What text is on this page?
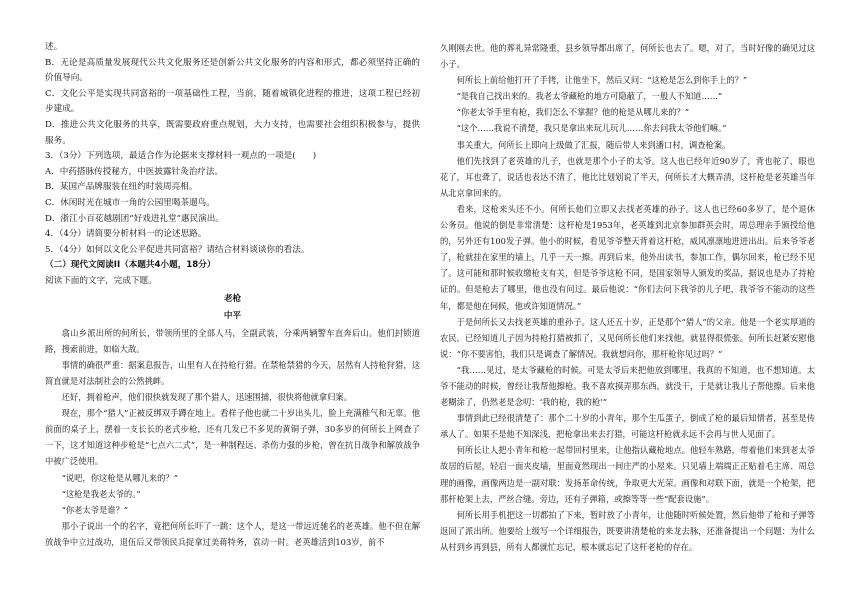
述。

B．无论是高质量发展现代公共文化服务还是创新公共文化服务的内容和形式，都必须坚持正确的价值导向。

C．文化公平是实现共同富裕的一项基础性工程，当前，随着城镇化进程的推进，这项工程已经初步建成。

D．推进公共文化服务的共享，既需要政府重点规划，大力支持，也需要社会组织积极参与，提供服务。

3．（3分）下列选项，最适合作为论据来支撑材料一观点的一项是(　　)

A．中药搭脉传授秘方，中医披露针灸治疗法。

B．某国产品牌服装在纽约时装周亮相。

C．休闲时光在城市一角的公园里喝茶遛鸟。

D．浙江小百花越剧团“好戏进礼堂”惠民演出。

4．（4分）请简要分析材料一的论述思路。

5．（4分）如何以文化公平促进共同富裕？请结合材料谈谈你的看法。

（二）现代文阅读II（本题共4小题，18分）

阅读下面的文字，完成下题。

老枪

中平

翕山乡派出所的何所长，带领所里的全部人马，全副武装，分乘两辆警车直奔后山。他们封锁道路，搜索前进，如临大敌。

事情的确很严重：据案息报告，山里有人在持枪行猎。在禁枪禁猎的今天，居然有人持枪狩猎，这简直就是对法制社会的公然挑衅。

还好，拥着枪声，他们很快就发现了那个猎人，迅速围捕，很快将他就拿归案。

现在，那个“猎人”正被反绑双手蹲在地上。看样子他也就二十岁出头儿，脸上充满稚气和无辜。他前面的桌子上，摆着一支长长的老式步枪，还有几发已不多见的黄铜子弹，30多岁的何所长上网查了一下，这才知道这种步枪是“七点六二式”，是一种制程远、杀伤力强的步枪，曾在抗日战争和解放战争中被广泛使用。

“说吧，你这枪是从哪儿来的？”

“这枪是我老太爷的。”

“你老太爷是谁？”

那小子说出一个的名字，竟把何所长吓了一跳：这个人，是这一带远近驰名的老英雄。他不但在解放战争中立过战功，退伍后又带领民兵捉拿过美蒋特务，袁动一时。老英雄活到103岁，前不

久刚刚去世。他的葬礼异常隆重，县乡领导都出席了，何所长也去了。嗯，对了，当时好像的确见过这小子。

何所长上前给他打开了手铐，让他坐下，然后又问：“这枪是怎么到你手上的？”

“是我自己找出来的。我老太爷藏枪的地方可隐蔽了，一般人不知道……”

“你老太爷手里有枪，我们怎么不掌握？他的枪是从哪儿来的？”

“这个……我说不清楚，我只是拿出来玩儿玩儿……你去问我太爷他们嘛。”

事关重大，何所长上即向上级做了汇报，随后带人来到潘口村，调查枪案。

他们先找到了老英雄的儿子，也就是那个小子的太爷。这人也已经年近90岁了，背也驼了，眼也花了，耳也聋了，说话也表达不清了，他比比划划说了半天，何所长才大概弄清，这杆枪是老英雄当年从北京拿回来的。

看来，这枪来头还不小。何所长他们立即又去找老英雄的孙子。这人也已经60多岁了，是个退休公务员。他说的倒是非常清楚：这杆枪是1953年，老英雄到北京参加群英会时，周总理亲手颁授给他的，另外还有100发子弹。他小的时候，看见爷爷整天背着这杆枪，威风凛凛地进进出出。后来爷爷老了，枪就挂在家里的墙上，几乎一天一擦。再到后来，他外出读书，参加工作，偶尔回来，枪已经不见了。这可能和那时候收缴枪支有关，但是爷爷这枪不同，是国家领导人颁发的奖品，据说也是办了持枪证的。但是枪去了哪里，他也没有问过。最后他说：“你们去问下我爷的儿子吧，我爷爷不能动的这些年，都是他在伺候，他或许知道情况。”

于是何所长又去找老英雄的重孙子。这人还五十岁，正是那个“猎人”的父亲。他是一个老实厚道的农民，已经知道儿子因为持枪打猎被抓了，又见何所长他们来找他，就显得很慌张。何所长赶紧安慰他说：“你不要害怕，我们只是调查了解情况。我就想问你，那杆枪你见过吗？”

“我……见过，是太爷藏枪的时候。可是太爷后来把他放到哪里，我真的不知道，也不想知道。太爷不能动的时候，曾经让我帮他擦枪。我不喜欢摸弄那东西，就没干，于是就让我儿子帮他擦。后来他老糊涂了，仍然老是念叨：‘我的枪，我的枪’”

事情到此已经很清楚了：那个二十岁的小青年，那个生瓜蛋子，倒成了枪的最后知情者，甚至是传承人了。如果不是他不知深浅，把枪拿出来去打猎，可能这杆枪就永远不会再与世人见面了。

何所长让人把小青年和枪一起带回村里来，让他指认藏枪地点。他轻车熟路，带着他们来到老太爷故居的后屋，轻启一面夹皮墙，里面竟然现出一间庄严的小屋来。只见墙上端端正正贴着毛主席、周总理的画像，画像两边是一副对联：发扬革命传统，争取更大光荣。画像和对联下面，就是一个枪架，把那杆枪架上去，严丝合缝。旁边，还有子弹箱，或擦等等一些“配套设施”。

何所长用手机把这一切都拍了下来，暂时放了小青年，让他随时听候处置，然后他带了枪和子弹等返回了派出所。他要给上级写一个详细报告，既要讲清楚枪的来龙去脉，还准备提出一个问题：为什么从村到乡再到县，所有人都就忙忘记，根本就忘记了这杆老枪的存在。
